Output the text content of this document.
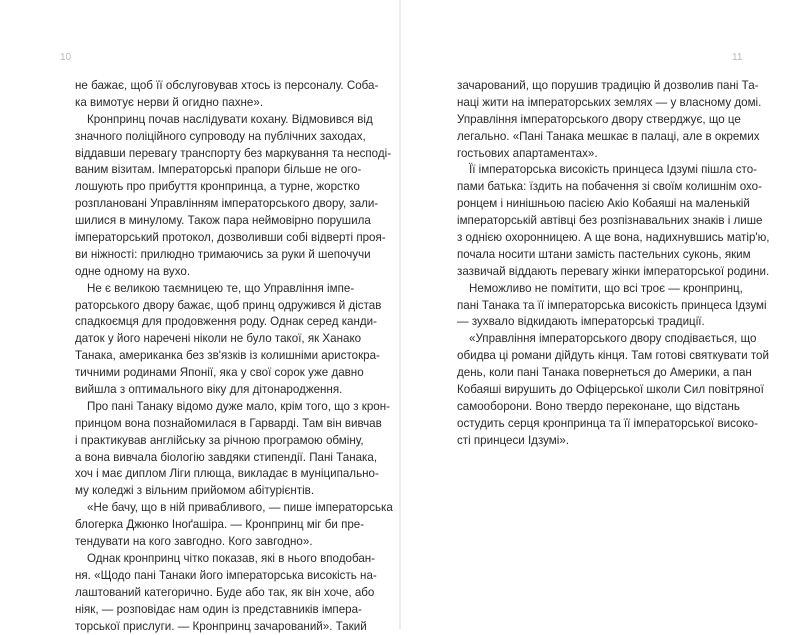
10
не бажає, щоб її обслуговував хтось із персоналу. Соба-
ка вимотує нерви й огидно пахне».
Кронпринц почав наслідувати кохану. Відмовився від
значного поліційного супроводу на публічних заходах,
віддавши перевагу транспорту без маркування та несподі-
ваним візитам. Імператорські прапори більше не ого-
лошують про прибуття кронпринца, а турне, жорстко
розплановані Управлінням імператорського двору, зали-
шилися в минулому. Також пара неймовірно порушила
імператорський протокол, дозволивши собі відверті проя-
ви ніжності: прилюдно тримаючись за руки й шепочучи
одне одному на вухо.
Не є великою таємницею те, що Управління імпе-
раторського двору бажає, щоб принц одружився й дістав
спадкоємця для продовження роду. Однак серед канди-
даток у його наречені ніколи не було такої, як Ханако
Танака, американка без зв'язків із колишніми аристокра-
тичними родинами Японії, яка у свої сорок уже давно
вийшла з оптимального віку для дітонародження.
Про пані Танаку відомо дуже мало, крім того, що з крон-
принцом вона познайомилася в Гарварді. Там він вивчав
і практикував англійську за річною програмою обміну,
а вона вивчала біологію завдяки стипендії. Пані Танака,
хоч і має диплом Ліги плюща, викладає в муніципально-
му коледжі з вільним прийомом абітурієнтів.
«Не бачу, що в ній привабливого, — пише імператорська
блогерка Джюнко Іноґашіра. — Кронпринц міг би пре-
тендувати на кого завгодно. Кого завгодно».
Однак кронпринц чітко показав, які в нього вподобан-
ня. «Щодо пані Танаки його імператорська високість на-
лаштований категорично. Буде або так, як він хоче, або
ніяк, — розповідає нам один із представників імпера-
торської прислуги. — Кронпринц зачарований». Такий
11
зачарований, що порушив традицію й дозволив пані Та-
наці жити на імператорських землях — у власному домі.
Управління імператорського двору стверджує, що це
легально. «Пані Танака мешкає в палаці, але в окремих
гостьових апартаментах».
Її імператорська високість принцеса Ідзумі пішла сто-
пами батька: їздить на побачення зі своїм колишнім охо-
ронцем і нинішньою пасією Акіо Кобаяші на маленькій
імператорській автівці без розпізнавальних знаків і лише
з однією охоронницею. А ще вона, надихнувшись матір'ю,
почала носити штани замість пастельних суконь, яким
зазвичай віддають перевагу жінки імператорської родини.
Неможливо не помітити, що всі троє — кронпринц,
пані Танака та її імператорська високість принцеса Ідзумі
— зухвало відкидають імператорські традиції.
«Управління імператорського двору сподівається, що
обидва ці романи дійдуть кінця. Там готові святкувати той
день, коли пані Танака повернеться до Америки, а пан
Кобаяші вирушить до Офіцерської школи Сил повітряної
самооборони. Воно твердо переконане, що відстань
остудить серця кронпринца та її імператорської високо-
сті принцеси Ідзумі».
